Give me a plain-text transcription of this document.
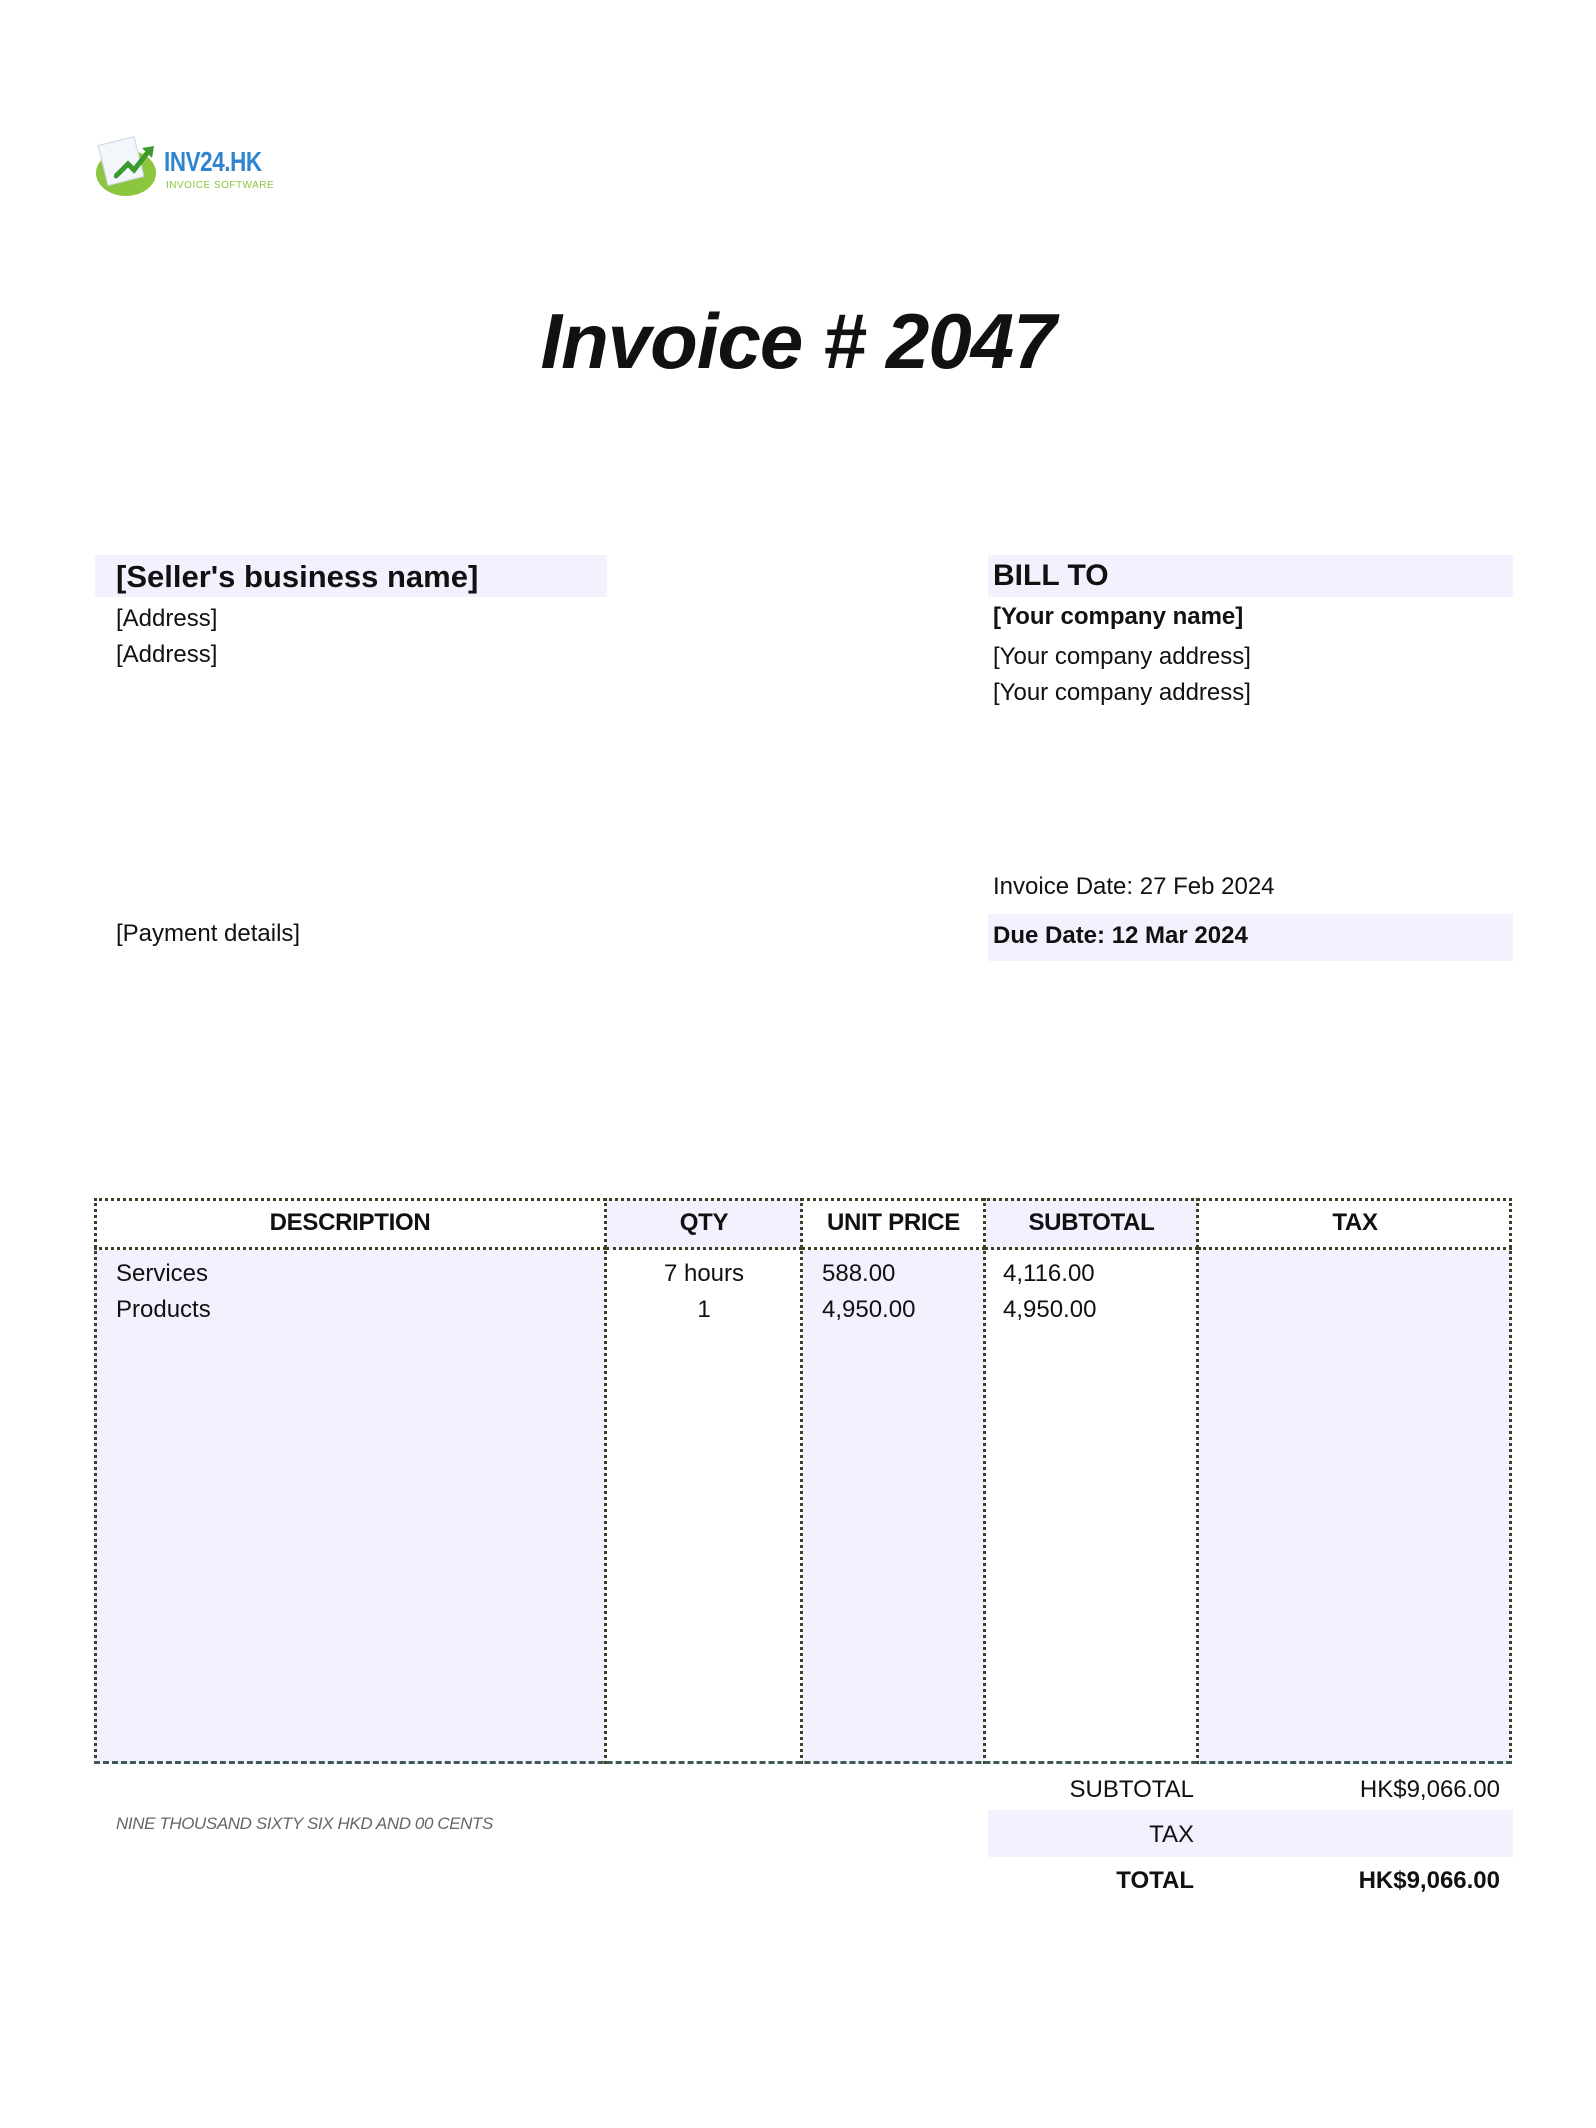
INV24.HK
INVOICE SOFTWARE
Invoice # 2047
[Seller's business name]
[Address]
[Address]
BILL TO
[Your company name]
[Your company address]
[Your company address]
Invoice Date: 27 Feb 2024
Due Date: 12 Mar 2024
[Payment details]
DESCRIPTION
Services
Products
QTY
7 hours
1
UNIT PRICE
588.00
4,950.00
SUBTOTAL
4,116.00
4,950.00
TAX
NINE THOUSAND SIXTY SIX HKD AND 00 CENTS
SUBTOTAL	HK$9,066.00
TAX
TOTAL	HK$9,066.00
